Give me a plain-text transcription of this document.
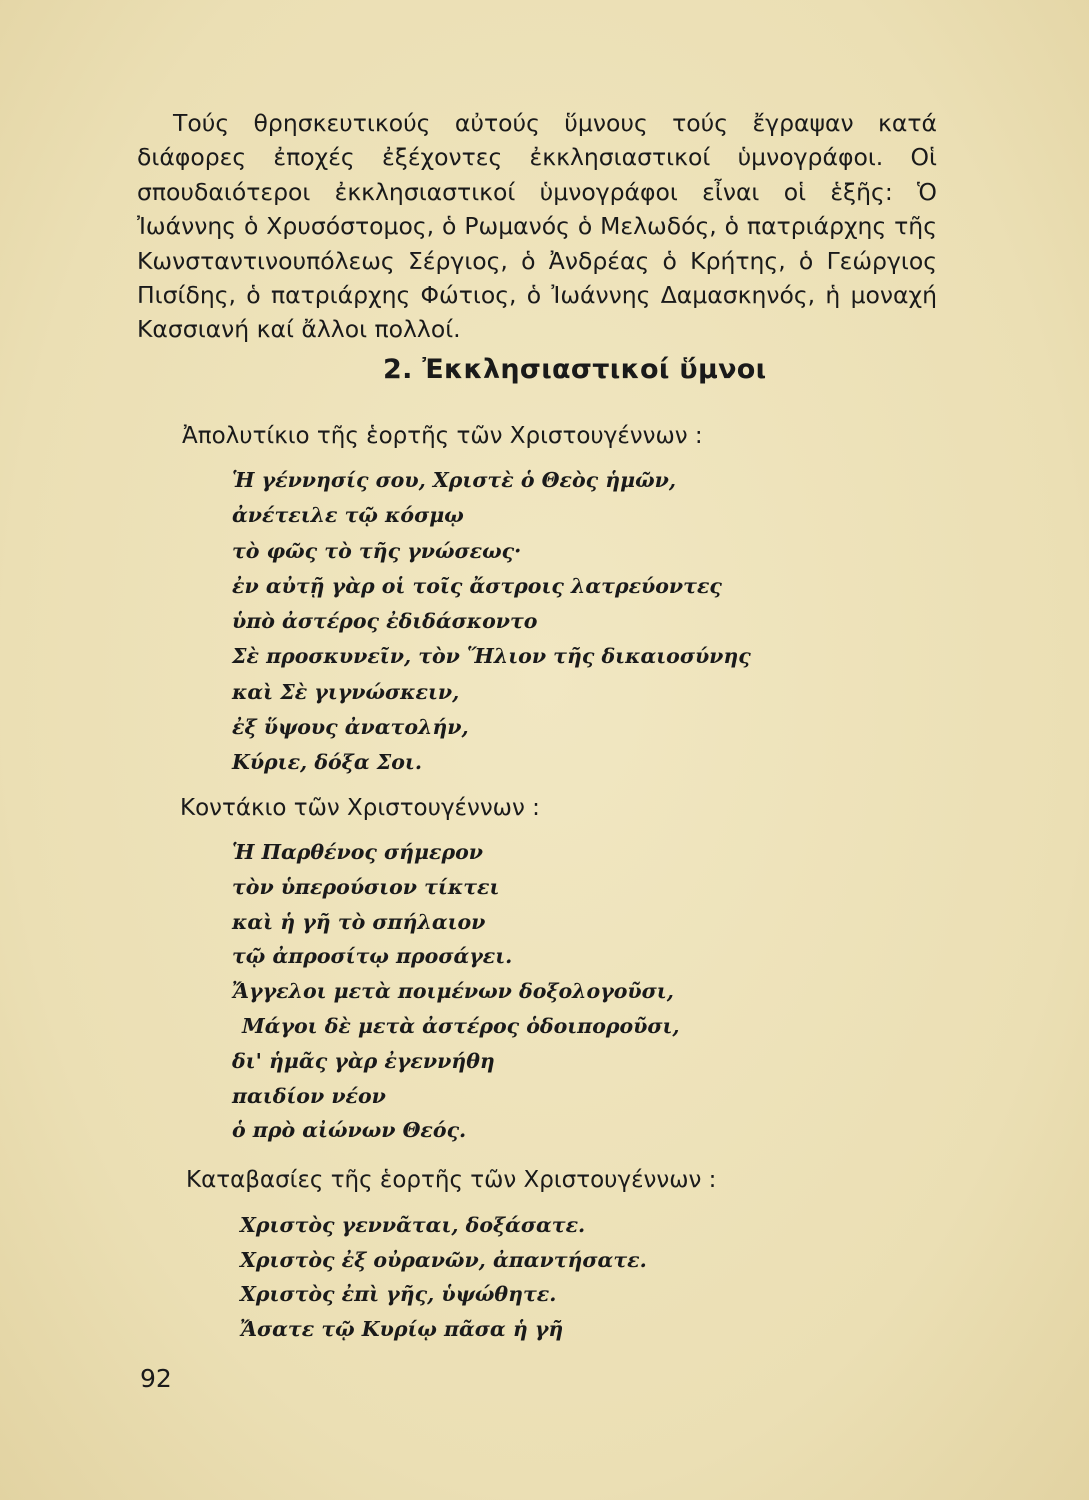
Τούς θρησκευτικούς αὐτούς ὕμνους τούς ἔγραψαν κατά διάφορες ἐποχές ἐξέχοντες ἐκκλησιαστικοί ὑμνογράφοι. Οἱ σπουδαιότεροι ἐκκλησιαστικοί ὑμνογράφοι εἶναι οἱ ἑξῆς: Ὁ Ἰωάννης ὁ Χρυσόστομος, ὁ Ρωμανός ὁ Μελωδός, ὁ πατριάρχης τῆς Κωνσταντινουπόλεως Σέργιος, ὁ Ἀνδρέας ὁ Κρήτης, ὁ Γεώργιος Πισίδης, ὁ πατριάρχης Φώτιος, ὁ Ἰωάννης Δαμασκηνός, ἡ μοναχή Κασσιανή καί ἄλλοι πολλοί.

2. Ἐκκλησιαστικοί ὕμνοι
Ἀπολυτίκιο τῆς ἑορτῆς τῶν Χριστουγέννων :
Ἡ γέννησίς σου, Χριστὲ ὁ Θεὸς ἡμῶν,
ἀνέτειλε τῷ κόσμῳ
τὸ φῶς τὸ τῆς γνώσεως·
ἐν αὐτῇ γὰρ οἱ τοῖς ἄστροις λατρεύοντες
ὑπὸ ἀστέρος ἐδιδάσκοντο
Σὲ προσκυνεῖν, τὸν Ἥλιον τῆς δικαιοσύνης
καὶ Σὲ γιγνώσκειν,
ἐξ ὕψους ἀνατολήν,
Κύριε, δόξα Σοι.
Κοντάκιο τῶν Χριστουγέννων :
Ἡ Παρθένος σήμερον
τὸν ὑπερούσιον τίκτει
καὶ ἡ γῆ τὸ σπήλαιον
τῷ ἀπροσίτῳ προσάγει.
Ἄγγελοι μετὰ ποιμένων δοξολογοῦσι,
Μάγοι δὲ μετὰ ἀστέρος ὁδοιποροῦσι,
δι' ἡμᾶς γὰρ ἐγεννήθη
παιδίον νέον
ὁ πρὸ αἰώνων Θεός.
Καταβασίες τῆς ἑορτῆς τῶν Χριστουγέννων :
Χριστὸς γεννᾶται, δοξάσατε.
Χριστὸς ἐξ οὐρανῶν, ἀπαντήσατε.
Χριστὸς ἐπὶ γῆς, ὑψώθητε.
Ἄσατε τῷ Κυρίῳ πᾶσα ἡ γῆ
92
